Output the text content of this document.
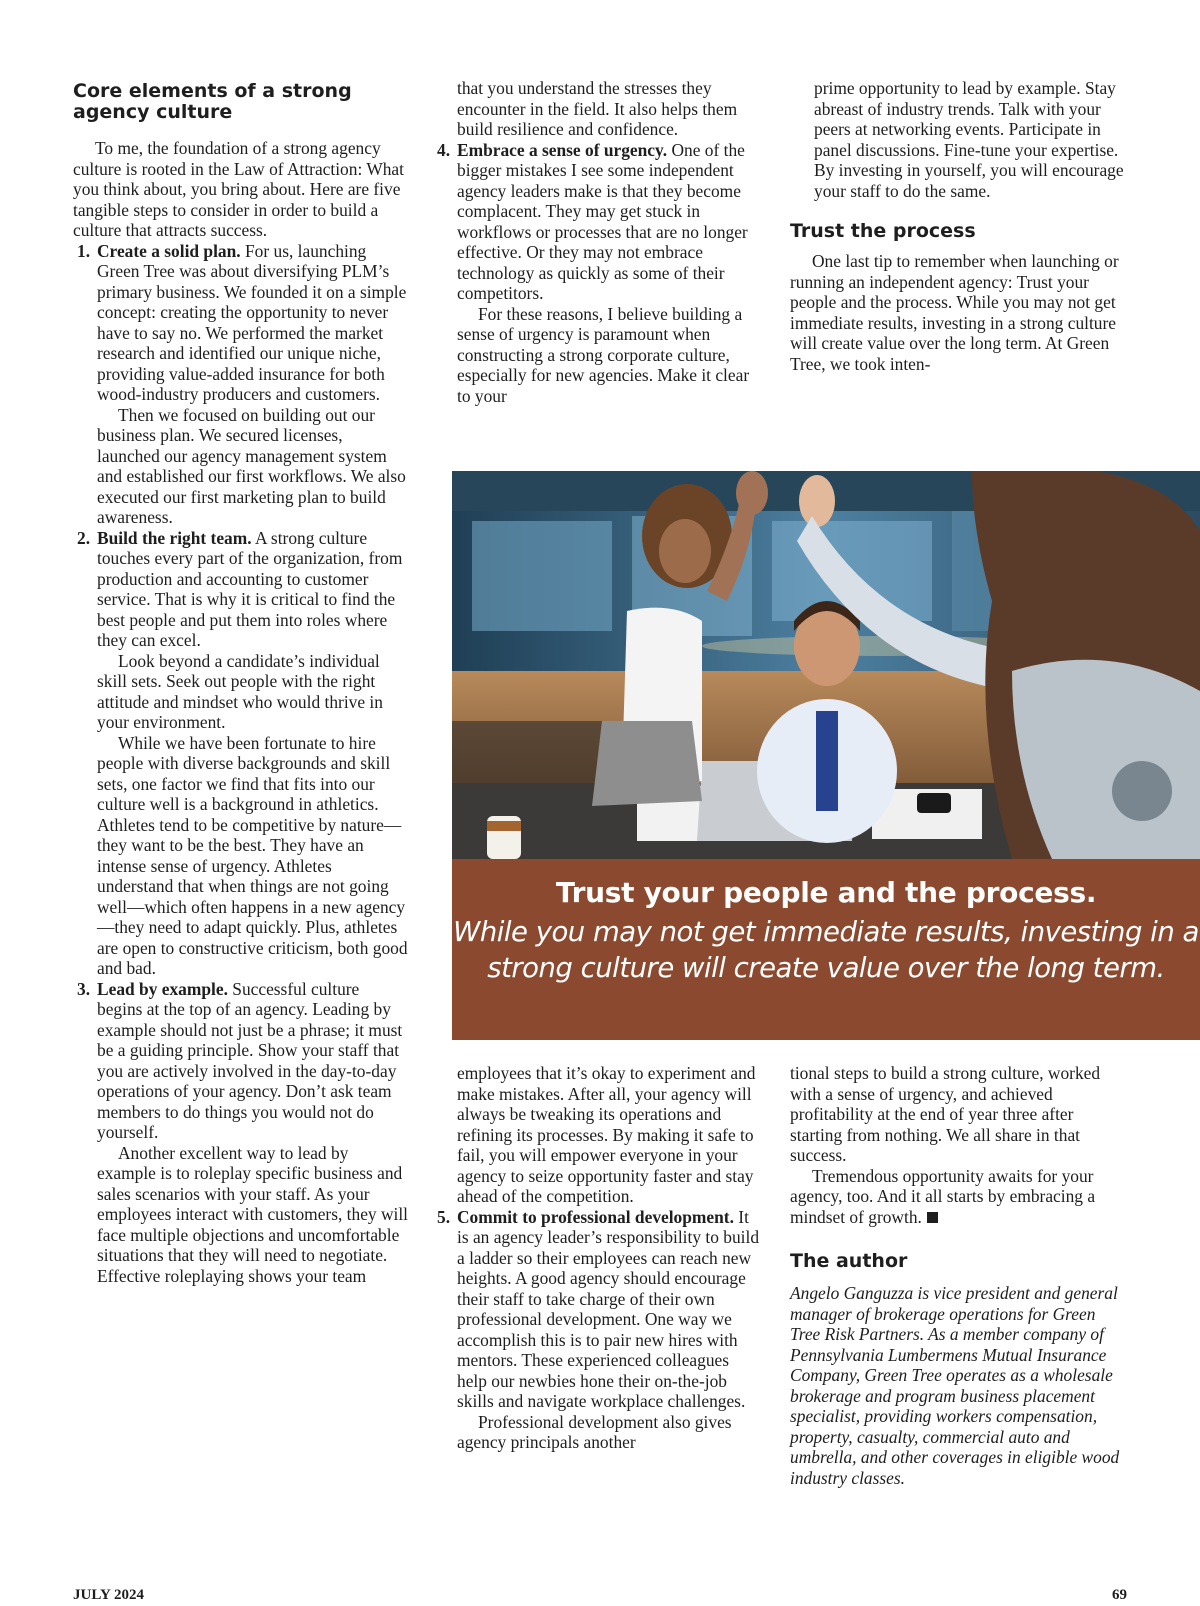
Core elements of a strong agency culture

To me, the foundation of a strong agency culture is rooted in the Law of Attraction: What you think about, you bring about. Here are five tangible steps to consider in order to build a culture that attracts success.

1. Create a solid plan. For us, launching Green Tree was about diversifying PLM’s primary business. We founded it on a simple concept: creating the opportunity to never have to say no. We performed the market research and identified our unique niche, providing value-added insurance for both wood-industry producers and customers.

Then we focused on building out our business plan. We secured licenses, launched our agency management system and established our first workflows. We also executed our first marketing plan to build awareness.

2. Build the right team. A strong culture touches every part of the organization, from production and accounting to customer service. That is why it is critical to find the best people and put them into roles where they can excel.

Look beyond a candidate’s individual skill sets. Seek out people with the right attitude and mindset who would thrive in your environment.

While we have been fortunate to hire people with diverse backgrounds and skill sets, one factor we find that fits into our culture well is a background in athletics. Athletes tend to be competitive by nature—they want to be the best. They have an intense sense of urgency. Athletes understand that when things are not going well—which often happens in a new agency—they need to adapt quickly. Plus, athletes are open to constructive criticism, both good and bad.

3. Lead by example. Successful culture begins at the top of an agency. Leading by example should not just be a phrase; it must be a guiding principle. Show your staff that you are actively involved in the day-to-day operations of your agency. Don’t ask team members to do things you would not do yourself.

Another excellent way to lead by example is to roleplay specific business and sales scenarios with your staff. As your employees interact with customers, they will face multiple objections and uncomfortable situations that they will need to negotiate. Effective roleplaying shows your team

that you understand the stresses they encounter in the field. It also helps them build resilience and confidence.

4. Embrace a sense of urgency. One of the bigger mistakes I see some independent agency leaders make is that they become complacent. They may get stuck in workflows or processes that are no longer effective. Or they may not embrace technology as quickly as some of their competitors.

For these reasons, I believe building a sense of urgency is paramount when constructing a strong corporate culture, especially for new agencies. Make it clear to your

prime opportunity to lead by example. Stay abreast of industry trends. Talk with your peers at networking events. Participate in panel discussions. Fine-tune your expertise. By investing in yourself, you will encourage your staff to do the same.

Trust the process

One last tip to remember when launching or running an independent agency: Trust your people and the process. While you may not get immediate results, investing in a strong culture will create value over the long term. At Green Tree, we took inten-

Trust your people and the process.
While you may not get immediate results, investing in a strong culture will create value over the long term.

employees that it’s okay to experiment and make mistakes. After all, your agency will always be tweaking its operations and refining its processes. By making it safe to fail, you will empower everyone in your agency to seize opportunity faster and stay ahead of the competition.

5. Commit to professional development. It is an agency leader’s responsibility to build a ladder so their employees can reach new heights. A good agency should encourage their staff to take charge of their own professional development. One way we accomplish this is to pair new hires with mentors. These experienced colleagues help our newbies hone their on-the-job skills and navigate workplace challenges.

Professional development also gives agency principals another

tional steps to build a strong culture, worked with a sense of urgency, and achieved profitability at the end of year three after starting from nothing. We all share in that success.

Tremendous opportunity awaits for your agency, too. And it all starts by embracing a mindset of growth.

The author

Angelo Ganguzza is vice president and general manager of brokerage operations for Green Tree Risk Partners. As a member company of Pennsylvania Lumbermens Mutual Insurance Company, Green Tree operates as a wholesale brokerage and program business placement specialist, providing workers compensation, property, casualty, commercial auto and umbrella, and other coverages in eligible wood industry classes.

JULY 2024	69
